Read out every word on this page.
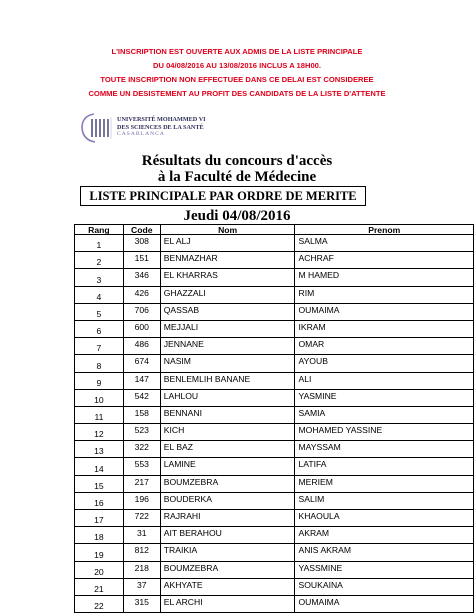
L'INSCRIPTION EST OUVERTE AUX ADMIS DE LA LISTE PRINCIPALE
DU 04/08/2016 AU 13/08/2016 INCLUS A 18H00.
TOUTE INSCRIPTION NON EFFECTUEE DANS CE DELAI EST CONSIDEREE
COMME UN DESISTEMENT AU PROFIT DES CANDIDATS DE LA LISTE D'ATTENTE
UNIVERSITÉ MOHAMMED VI
DES SCIENCES DE LA SANTÉ
CASABLANCA
Résultats du concours d'accès
à la Faculté de Médecine
LISTE PRINCIPALE PAR ORDRE DE MERITE
Jeudi 04/08/2016
Rang	Code	Nom	Prenom
1	308	EL ALJ	SALMA
2	151	BENMAZHAR	ACHRAF
3	346	EL KHARRAS	M HAMED
4	426	GHAZZALI	RIM
5	706	QASSAB	OUMAIMA
6	600	MEJJALI	IKRAM
7	486	JENNANE	OMAR
8	674	NASIM	AYOUB
9	147	BENLEMLIH BANANE	ALI
10	542	LAHLOU	YASMINE
11	158	BENNANI	SAMIA
12	523	KICH	MOHAMED YASSINE
13	322	EL BAZ	MAYSSAM
14	553	LAMINE	LATIFA
15	217	BOUMZEBRA	MERIEM
16	196	BOUDERKA	SALIM
17	722	RAJRAHI	KHAOULA
18	31	AIT BERAHOU	AKRAM
19	812	TRAIKIA	ANIS AKRAM
20	218	BOUMZEBRA	YASSMINE
21	37	AKHYATE	SOUKAINA
22	315	EL ARCHI	OUMAIMA
